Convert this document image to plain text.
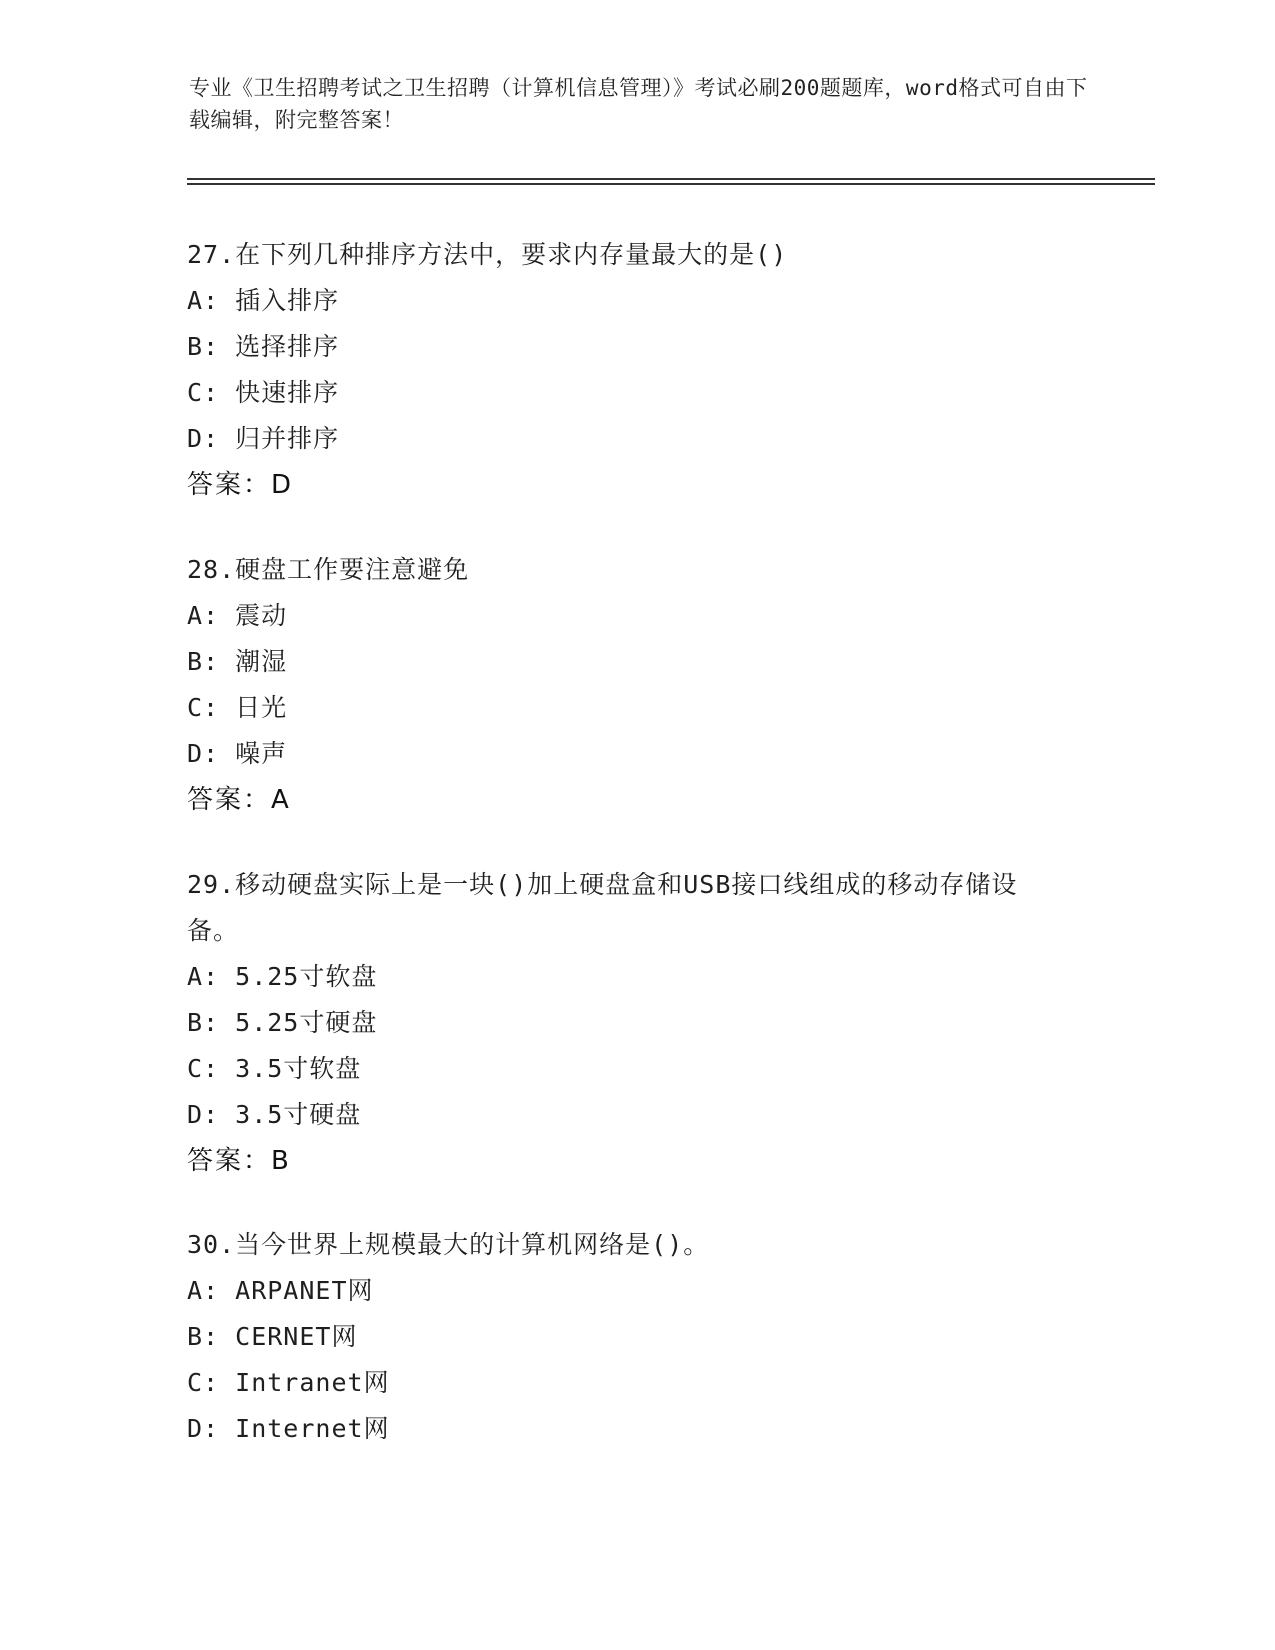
专业《卫生招聘考试之卫生招聘（计算机信息管理）》考试必刷200题题库，word格式可自由下载编辑，附完整答案！
27.在下列几种排序方法中，要求内存量最大的是()
A: 插入排序
B: 选择排序
C: 快速排序
D: 归并排序
答案：D
28.硬盘工作要注意避免
A: 震动
B: 潮湿
C: 日光
D: 噪声
答案：A
29.移动硬盘实际上是一块()加上硬盘盒和USB接口线组成的移动存储设备。
A: 5.25寸软盘
B: 5.25寸硬盘
C: 3.5寸软盘
D: 3.5寸硬盘
答案：B
30.当今世界上规模最大的计算机网络是()。
A: ARPANET网
B: CERNET网
C: Intranet网
D: Internet网
